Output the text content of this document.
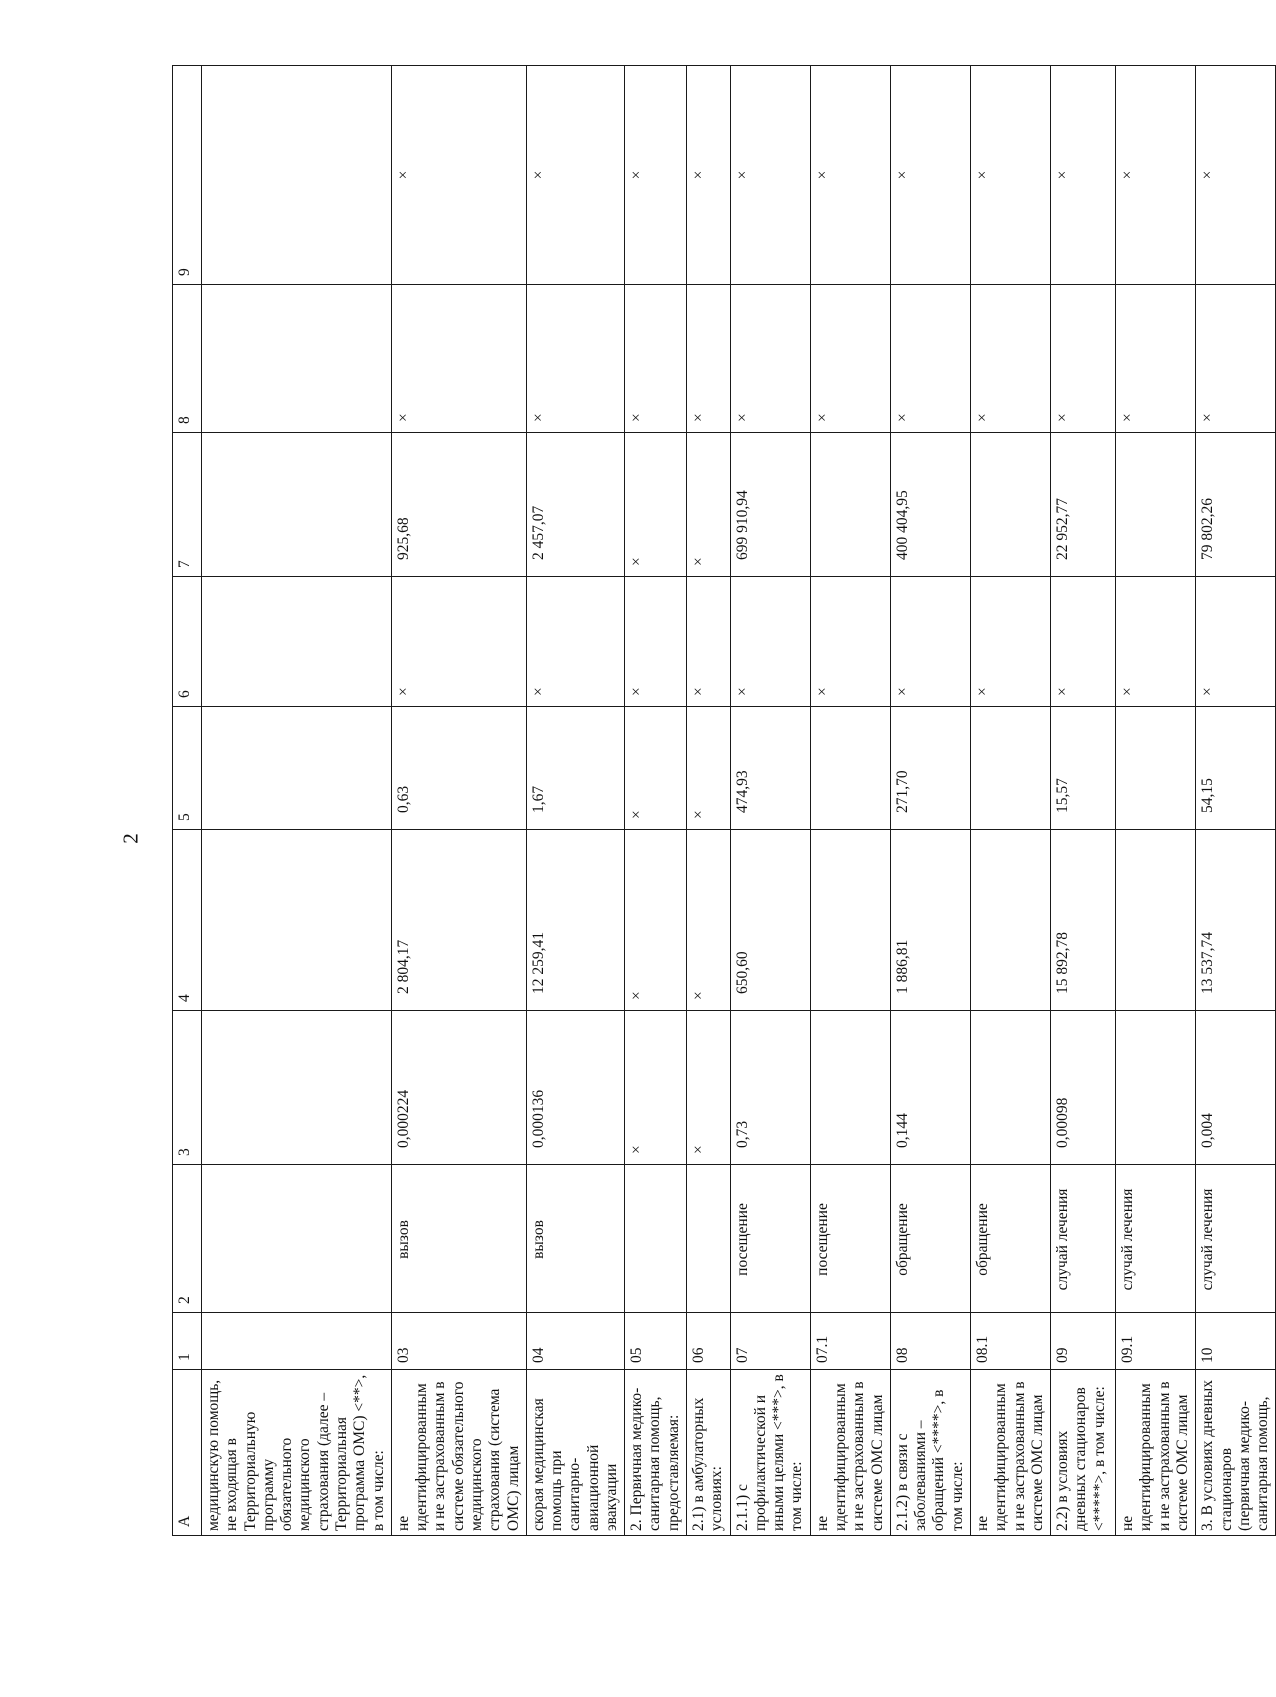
2
А	1	2	3	4	5	6	7	8	9
медицинскую помощь, не входящая в Территориальную программу обязательного медицинского страхования (далее – Территориальная программа ОМС) <**>, в том числе:									
не идентифицированным и не застрахованным в системе обязательного медицинского страхования (система ОМС) лицам	03	вызов	0,000224	2 804,17	0,63	×	925,68	×	×
скорая медицинская помощь при санитарно-авиационной эвакуации	04	вызов	0,000136	12 259,41	1,67	×	2 457,07	×	×
2. Первичная медико-санитарная помощь, предоставляемая:	05		×	×	×	×	×	×	×
2.1) в амбулаторных условиях:	06		×	×	×	×	×	×	×
2.1.1) с профилактической и иными целями <***>, в том числе:	07	посещение	0,73	650,60	474,93	×	699 910,94	×	×
не идентифицированным и не застрахованным в системе ОМС лицам	07.1	посещение				×		×	×
2.1.2) в связи с заболеваниями – обращений <****>, в том числе:	08	обращение	0,144	1 886,81	271,70	×	400 404,95	×	×
не идентифицированным и не застрахованным в системе ОМС лицам	08.1	обращение				×		×	×
2.2) в условиях дневных стационаров <*****>, в том числе:	09	случай лечения	0,00098	15 892,78	15,57	×	22 952,77	×	×
не идентифицированным и не застрахованным в системе ОМС лицам	09.1	случай лечения				×		×	×
3. В условиях дневных стационаров (первичная медико-санитарная помощь,	10	случай лечения	0,004	13 537,74	54,15	×	79 802,26	×	×
